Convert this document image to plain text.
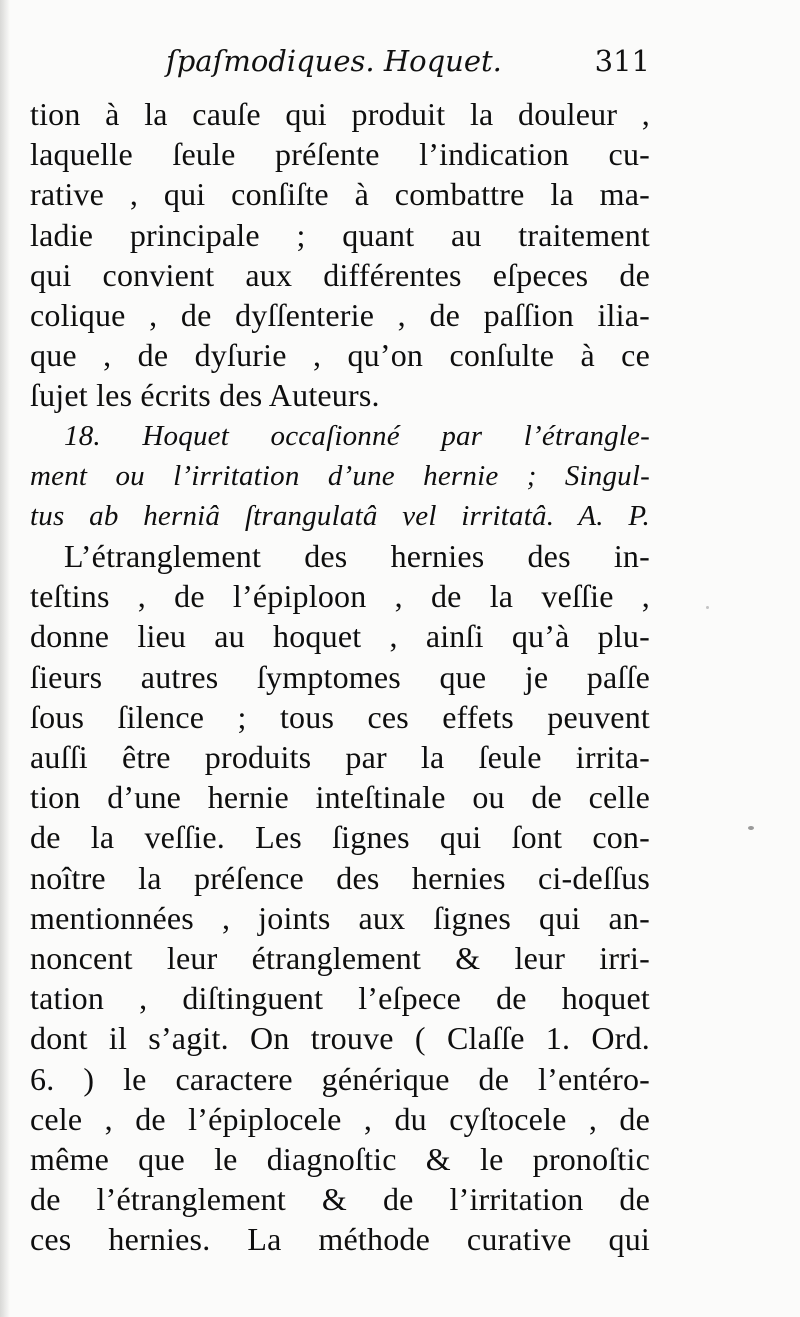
ſpaſmodiques. Hoquet.	311
tion à la cauſe qui produit la douleur ,
laquelle ſeule préſente l’indication cu-
rative , qui conſiſte à combattre la ma-
ladie principale ; quant au traitement
qui convient aux différentes eſpeces de
colique , de dyſſenterie , de paſſion ilia-
que , de dyſurie , qu’on conſulte à ce
ſujet les écrits des Auteurs.
18. Hoquet occaſionné par l’étrangle-
ment ou l’irritation d’une hernie ; Singul-
tus ab herniâ ſtrangulatâ vel irritatâ. A. P.
L’étranglement des hernies des in-
teſtins , de l’épiploon , de la veſſie ,
donne lieu au hoquet , ainſi qu’à plu-
ſieurs autres ſymptomes que je paſſe
ſous ſilence ; tous ces effets peuvent
auſſi être produits par la ſeule irrita-
tion d’une hernie inteſtinale ou de celle
de la veſſie. Les ſignes qui ſont con-
noître la préſence des hernies ci-deſſus
mentionnées , joints aux ſignes qui an-
noncent leur étranglement & leur irri-
tation , diſtinguent l’eſpece de hoquet
dont il s’agit. On trouve ( Claſſe 1. Ord.
6. ) le caractere générique de l’entéro-
cele , de l’épiplocele , du cyſtocele , de
même que le diagnoſtic & le pronoſtic
de l’étranglement & de l’irritation de
ces hernies. La méthode curative qui
